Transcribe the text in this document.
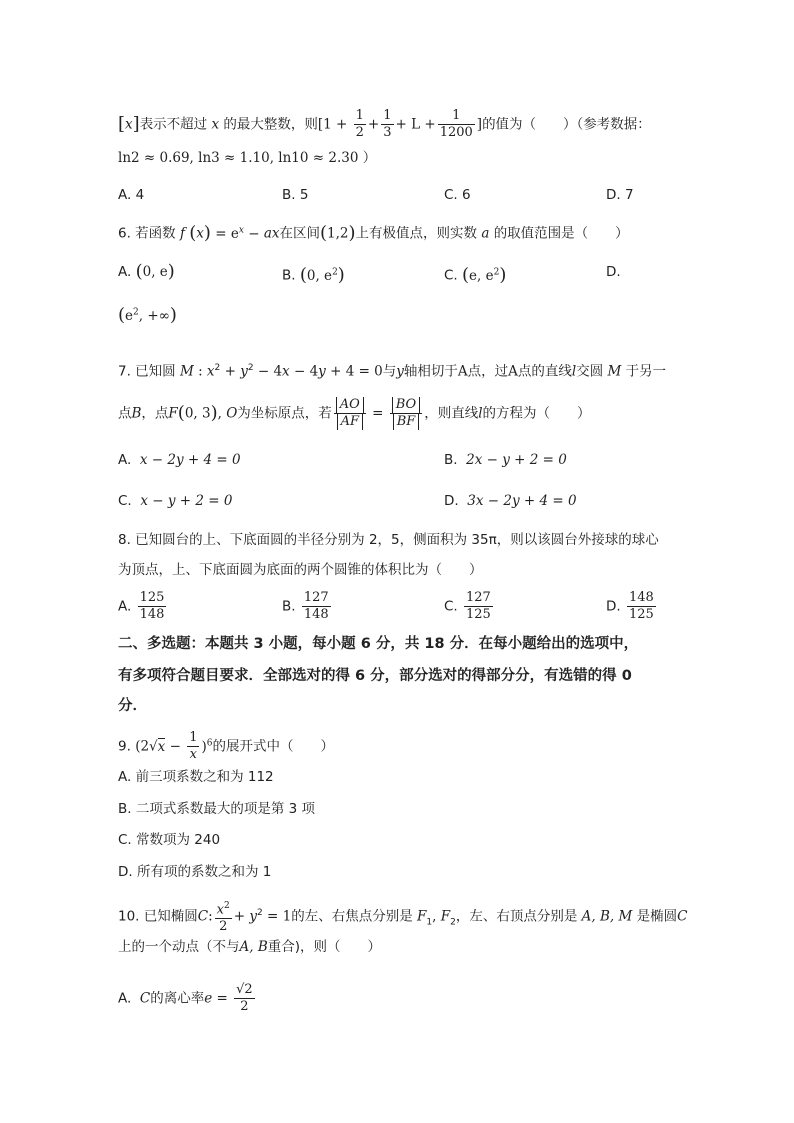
[x]表示不超过 x 的最大整数，则[$1 + \frac{1}{2} + \frac{1}{3} + L + \frac{1}{1200}$ ]的值为（　　）（参考数据：
ln2 ≈ 0.69, ln3 ≈ 1.10, ln10 ≈ 2.30 ）
A. 4	B. 5	C. 6	D. 7
6. 若函数 f $(x) = e^x$ − ax在区间(1,2)上有极值点，则实数 a 的取值范围是（　　）
A. (0, e)	B. (0, $e^2$)	C. (e, $e^2$)	D.
($e^2$, +∞)
7. 已知圆 M : $x^2 + y^2 - 4x - 4y + 4 = 0$与y轴相切于A点，过A点的直线l交圆 M 于另一
点B，点F(0, 3), O为坐标原点，若 $\frac{AO}{AF} = \frac{BO}{BF}$ ，则直线l的方程为（　　）
A. x − 2y + 4 = 0	B. 2x − y + 2 = 0
C. x − y + 2 = 0	D. 3x − 2y + 4 = 0
8. 已知圆台的上、下底面圆的半径分别为 2，5，侧面积为 35π，则以该圆台外接球的球心
为顶点，上、下底面圆为底面的两个圆锥的体积比为（　　）
A. $\frac{125}{148}$	B. $\frac{127}{148}$	C. $\frac{127}{125}$	D. $\frac{148}{125}$
二、多选题：本题共 3 小题，每小题 6 分，共 18 分．在每小题给出的选项中，
有多项符合题目要求．全部选对的得 6 分，部分选对的得部分分，有选错的得 0
分．
9. $(2√x - \frac{1}{x} )^6$的展开式中（　　）
A. 前三项系数之和为 112
B. 二项式系数最大的项是第 3 项
C. 常数项为 240
D. 所有项的系数之和为 1
10. 已知椭圆C: $\frac{x^2}{2} + y^2 = 1$的左、右焦点分别是 $F_1$, $F_2$，左、右顶点分别是 A, B, M 是椭圆C
上的一个动点（不与A, B重合)，则（　　）
A. C的离心率$e = \frac{√2}{2}$
